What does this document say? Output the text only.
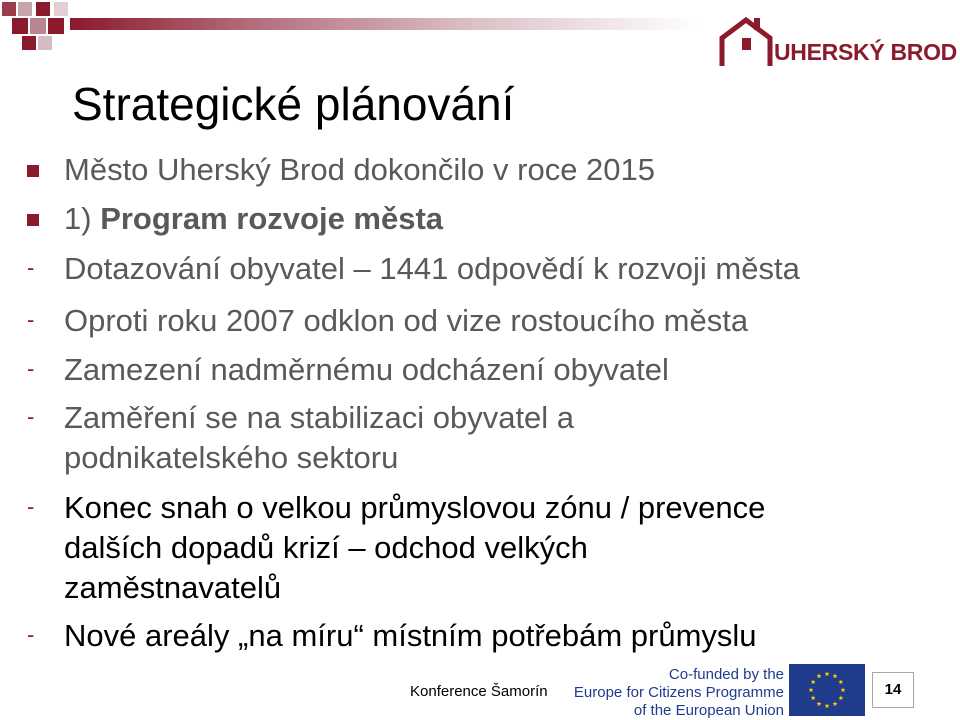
UHERSKÝ BROD
Strategické plánování
Město Uherský Brod dokončilo v roce 2015
1) Program rozvoje města
- Dotazování obyvatel – 1441 odpovědí k rozvoji města
- Oproti roku 2007 odklon od vize rostoucího města
- Zamezení nadměrnému odcházení obyvatel
- Zaměření se na stabilizaci obyvatel a
podnikatelského sektoru
- Konec snah o velkou průmyslovou zónu / prevence
dalších dopadů krizí – odchod velkých
zaměstnavatelů
- Nové areály „na míru“ místním potřebám průmyslu
Konference Šamorín
Co-funded by the
Europe for Citizens Programme
of the European Union
14
